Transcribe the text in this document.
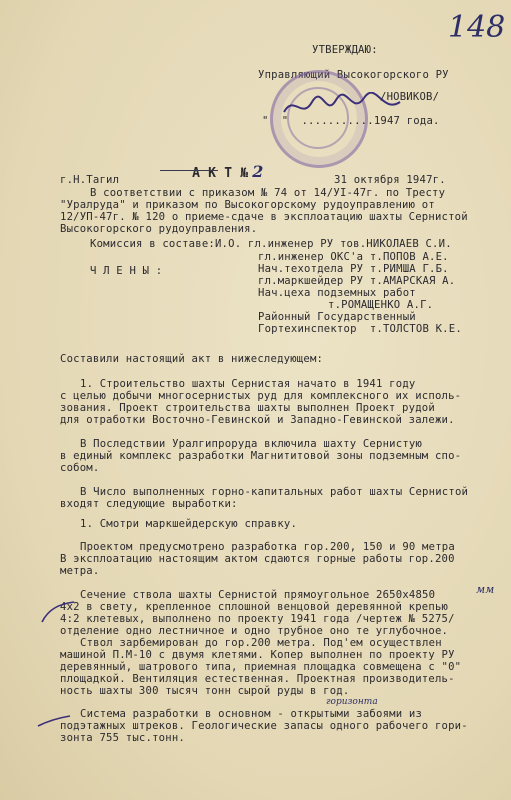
148
УТВЕРЖДАЮ:
Управляющий Высокогорского РУ
/НОВИКОВ/
"  "  ...........1947 года.

А К Т № 2

г.Н.Тагил	31 октября 1947г.
В соответствии с приказом № 74 от 14/УI-47г. по Тресту
"Уралруда" и приказом по Высокогорскому рудоуправлению от
12/УП-47г. № 120 о приеме-сдаче в эксплоатацию шахты Сернистой
Высокогорского рудоуправления.
Комиссия в составе:И.О. гл.инженер РУ тов.НИКОЛАЕВ С.И.
Ч Л Е Н Ы :
гл.инженер ОКС'а т.ПОПОВ А.Е.
Нач.техотдела РУ т.РИМША Г.Б.
гл.маркшейдер РУ т.АМАРСКАЯ А.
Нач.цеха подземных работ
т.РОМАЩЕНКО А.Г.
Районный Государственный
Гортехинспектор  т.ТОЛСТОВ К.Е.
Составили настоящий акт в нижеследующем:
1. Строительство шахты Сернистая начато в 1941 году
с целью добычи многосернистых руд для комплексного их исполь-
зования. Проект строительства шахты выполнен Проект рудой
для отработки Восточно-Гевинской и Западно-Гевинской залежи.
В Последствии Уралгипроруда включила шахту Сернистую
в единый комплекс разработки Магнититовой зоны подземным спо-
собом.
В Число выполненных горно-капитальных работ шахты Сернистой
входят следующие выработки:
1. Смотри маркшейдерскую справку.
Проектом предусмотрено разработка гор.200, 150 и 90 метра
В эксплоатацию настоящим актом сдаются горные работы гор.200
метра.
Сечение ствола шахты Сернистой прямоугольное 2650х4850	мм
4х2 в свету, крепленное сплошной венцовой деревянной крепью
4:2 клетевых, выполнено по проекту 1941 года /чертеж № 5275/
отделение одно лестничное и одно трубное оно те углубочное.
Ствол зарбемирован до гор.200 метра. Под'ем осуществлен
машиной П.М-10 с двумя клетями. Копер выполнен по проекту РУ
деревянный, шатрового типа, приемная площадка совмещена с "0"
площадкой. Вентиляция естественная. Проектная производитель-
ность шахты 300 тысяч тонн сырой руды в год.
горизонта
Система разработки в основном - открытыми забоями из
подэтажных штреков. Геологические запасы одного рабочего гори-
зонта 755 тыс.тонн.
